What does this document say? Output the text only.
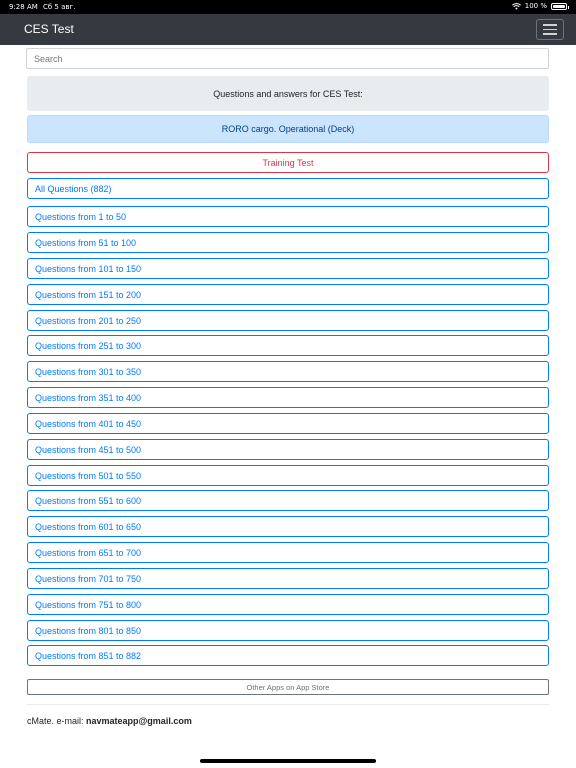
9:28 AM Сб 5 авг.	100 %
CES Test
Search
Questions and answers for CES Test:
RORO cargo. Operational (Deck)
Training Test
All Questions (882)
Questions from 1 to 50
Questions from 51 to 100
Questions from 101 to 150
Questions from 151 to 200
Questions from 201 to 250
Questions from 251 to 300
Questions from 301 to 350
Questions from 351 to 400
Questions from 401 to 450
Questions from 451 to 500
Questions from 501 to 550
Questions from 551 to 600
Questions from 601 to 650
Questions from 651 to 700
Questions from 701 to 750
Questions from 751 to 800
Questions from 801 to 850
Questions from 851 to 882
Other Apps on App Store
cMate. e-mail: navmateapp@gmail.com
